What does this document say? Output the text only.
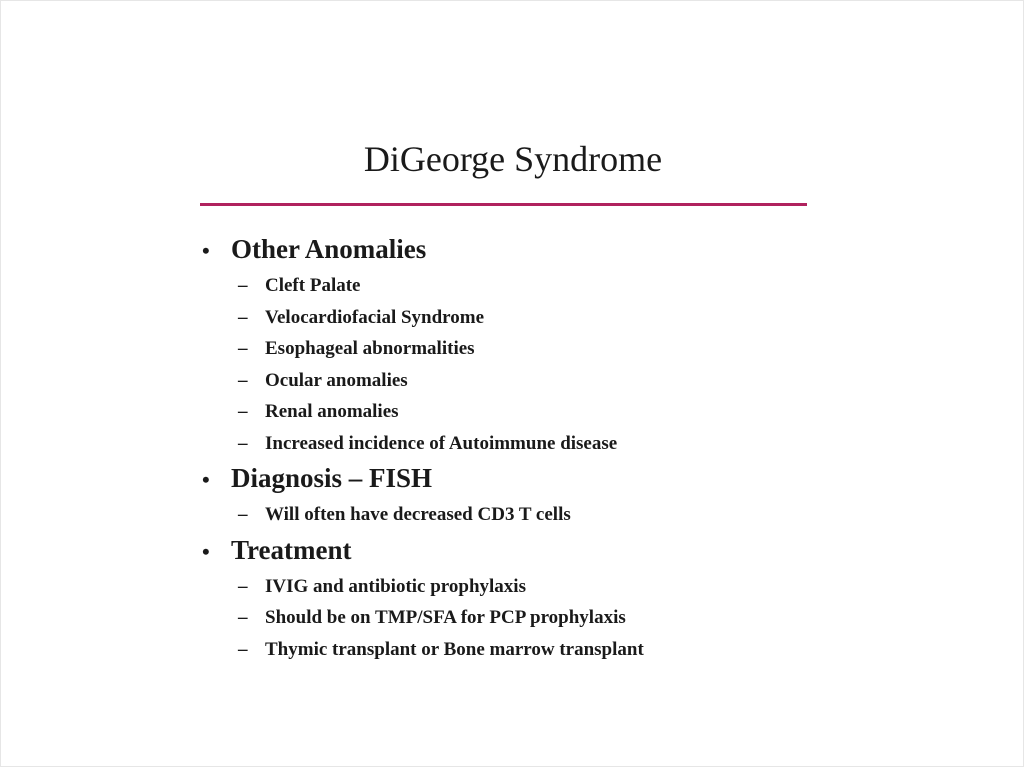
DiGeorge Syndrome
• Other Anomalies
– Cleft Palate
– Velocardiofacial Syndrome
– Esophageal abnormalities
– Ocular anomalies
– Renal anomalies
– Increased incidence of Autoimmune disease
• Diagnosis – FISH
– Will often have decreased CD3 T cells
• Treatment
– IVIG and antibiotic prophylaxis
– Should be on TMP/SFA for PCP prophylaxis
– Thymic transplant or Bone marrow transplant
